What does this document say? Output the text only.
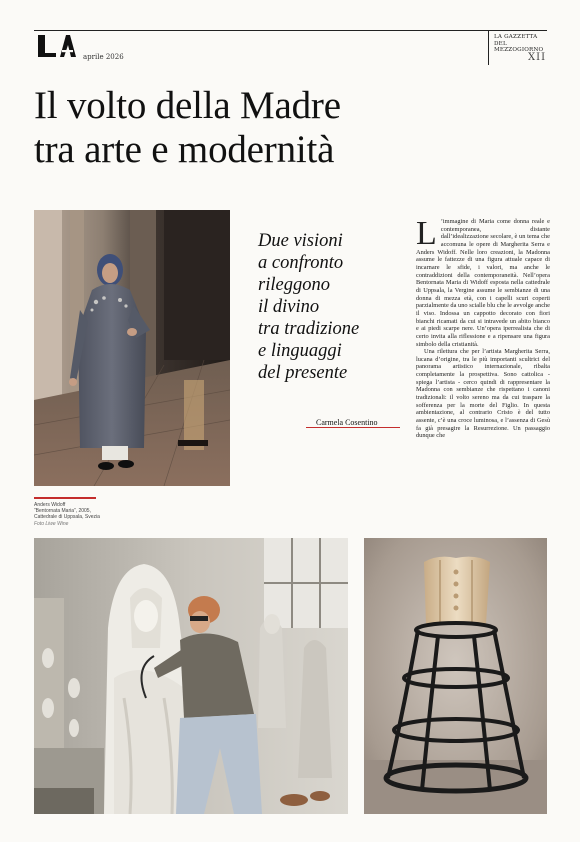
aprile 2026
LA GAZZETTA
DEL MEZZOGIORNO
XII
Il volto della Madre
tra arte e modernità
Anders Widoff
“Bentornata Maria”, 2005,
Cattedrale di Uppsala, Svezia
Foto Liwe Wine

Due visioni
a confronto
rileggono
il divino
tra tradizione
e linguaggi
del presente

Carmela Cosentino

L ’immagine di Maria come donna reale e contemporanea, distante dall’idealizzazione secolare, è un tema che accomuna le opere di Margherita Serra e Anders Widoff. Nelle loro creazioni, la Madonna assume le fattezze di una figura attuale capace di incarnare le sfide, i valori, ma anche le contraddizioni della contemporaneità. Nell’opera Bentornata Maria di Widoff esposta nella cattedrale di Uppsala, la Vergine assume le sembianze di una donna di mezza età, con i capelli scuri coperti parzialmente da uno scialle blu che le avvolge anche il viso. Indossa un cappotto decorato con fiori bianchi ricamati da cui si intravede un abito bianco e ai piedi scarpe nere. Un’opera iperrealista che di certo invita alla riflessione e a ripensare una figura simbolo della cristianità.

Una rilettura che per l’artista Margherita Serra, lucana d’origine, tra le più importanti scultrici del panorama artistico internazionale, ribalta completamente la prospettiva. Sono cattolica - spiega l’artista - cerco quindi di rappresentare la Madonna con sembianze che rispettano i canoni tradizionali: il volto sereno ma da cui traspare la sofferenza per la morte del Figlio. In questa ambientazione, al contrario Cristo è del tutto assente, c’è una croce luminosa, e l’assenza di Gesù fa già presagire la Resurrezione. Un passaggio dunque che
